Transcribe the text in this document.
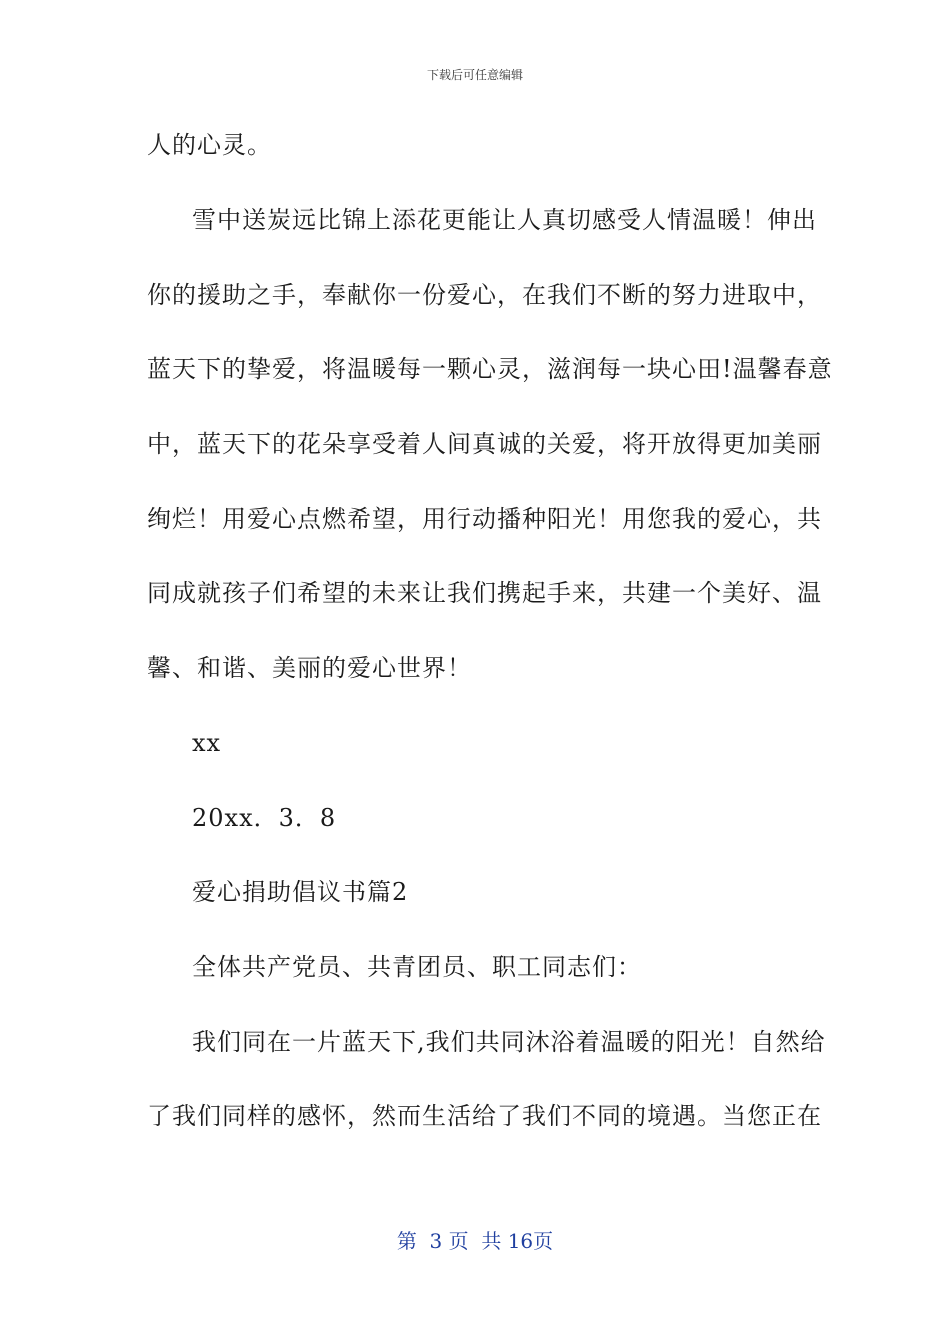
下载后可任意编辑
人的心灵。
雪中送炭远比锦上添花更能让人真切感受人情温暖！伸出
你的援助之手，奉献你一份爱心，在我们不断的努力进取中，
蓝天下的挚爱，将温暖每一颗心灵，滋润每一块心田!温馨春意
中，蓝天下的花朵享受着人间真诚的关爱，将开放得更加美丽
绚烂！用爱心点燃希望，用行动播种阳光！用您我的爱心，共
同成就孩子们希望的未来让我们携起手来，共建一个美好、温
馨、和谐、美丽的爱心世界！
xx
20xx．3．8
爱心捐助倡议书篇2
全体共产党员、共青团员、职工同志们：
我们同在一片蓝天下,我们共同沐浴着温暖的阳光！自然给
了我们同样的感怀，然而生活给了我们不同的境遇。当您正在
第  3 页  共 16页
